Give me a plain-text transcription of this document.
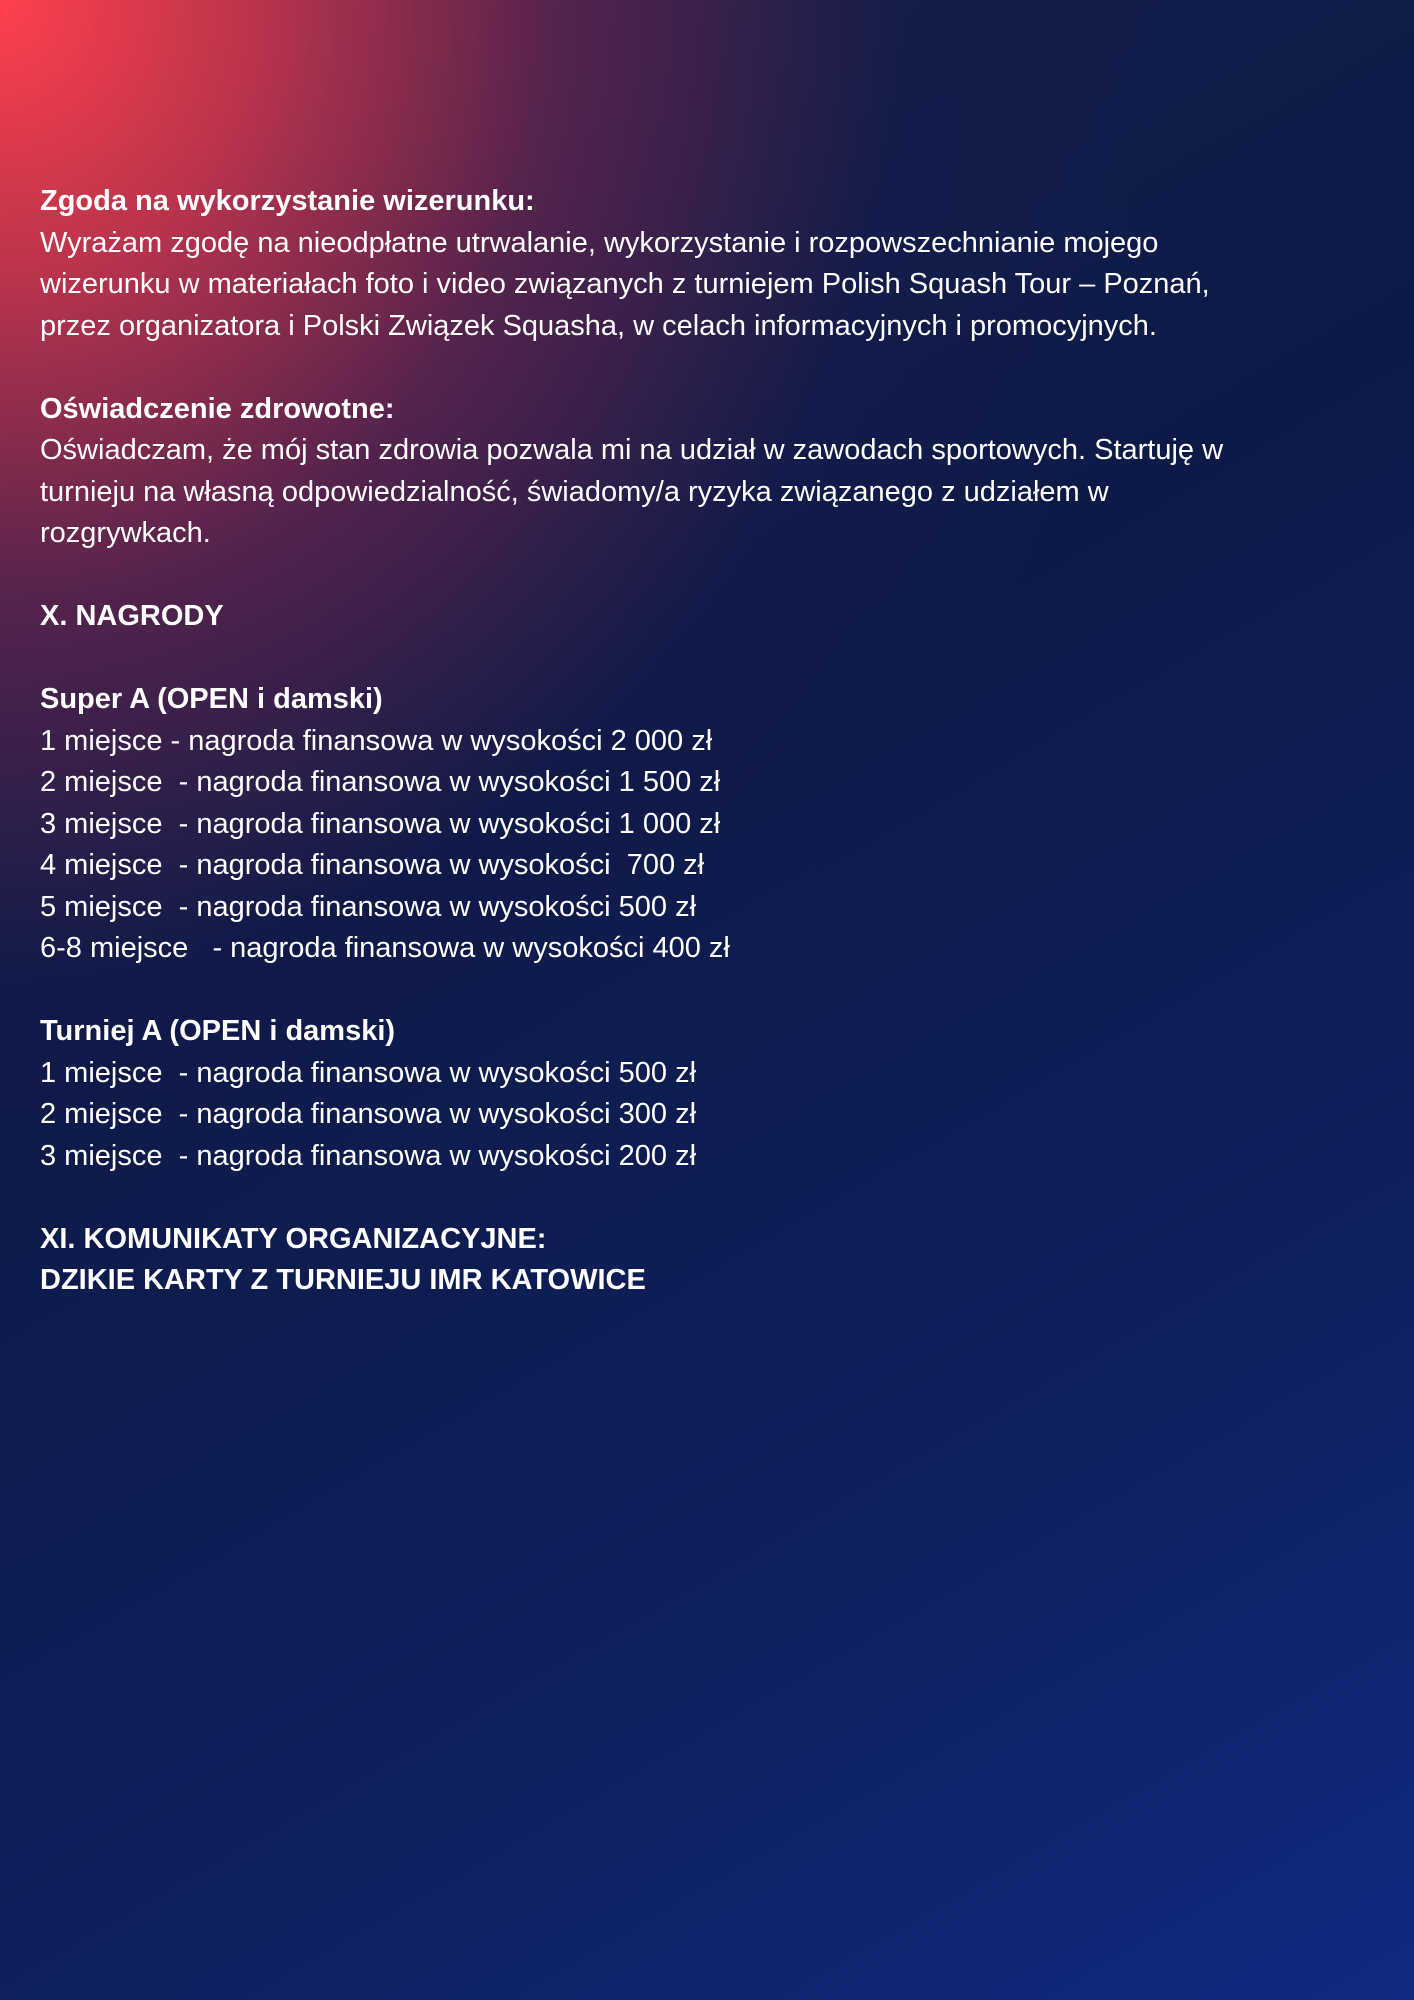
Zgoda na wykorzystanie wizerunku:
Wyrażam zgodę na nieodpłatne utrwalanie, wykorzystanie i rozpowszechnianie mojego
wizerunku w materiałach foto i video związanych z turniejem Polish Squash Tour – Poznań,
przez organizatora i Polski Związek Squasha, w celach informacyjnych i promocyjnych.
Oświadczenie zdrowotne:
Oświadczam, że mój stan zdrowia pozwala mi na udział w zawodach sportowych. Startuję w
turnieju na własną odpowiedzialność, świadomy/a ryzyka związanego z udziałem w
rozgrywkach.
X. NAGRODY
Super A (OPEN i damski)
1 miejsce - nagroda finansowa w wysokości 2 000 zł
2 miejsce  - nagroda finansowa w wysokości 1 500 zł
3 miejsce  - nagroda finansowa w wysokości 1 000 zł
4 miejsce  - nagroda finansowa w wysokości  700 zł
5 miejsce  - nagroda finansowa w wysokości 500 zł
6-8 miejsce   - nagroda finansowa w wysokości 400 zł
Turniej A (OPEN i damski)
1 miejsce  - nagroda finansowa w wysokości 500 zł
2 miejsce  - nagroda finansowa w wysokości 300 zł
3 miejsce  - nagroda finansowa w wysokości 200 zł
XI. KOMUNIKATY ORGANIZACYJNE:
DZIKIE KARTY Z TURNIEJU IMR KATOWICE
